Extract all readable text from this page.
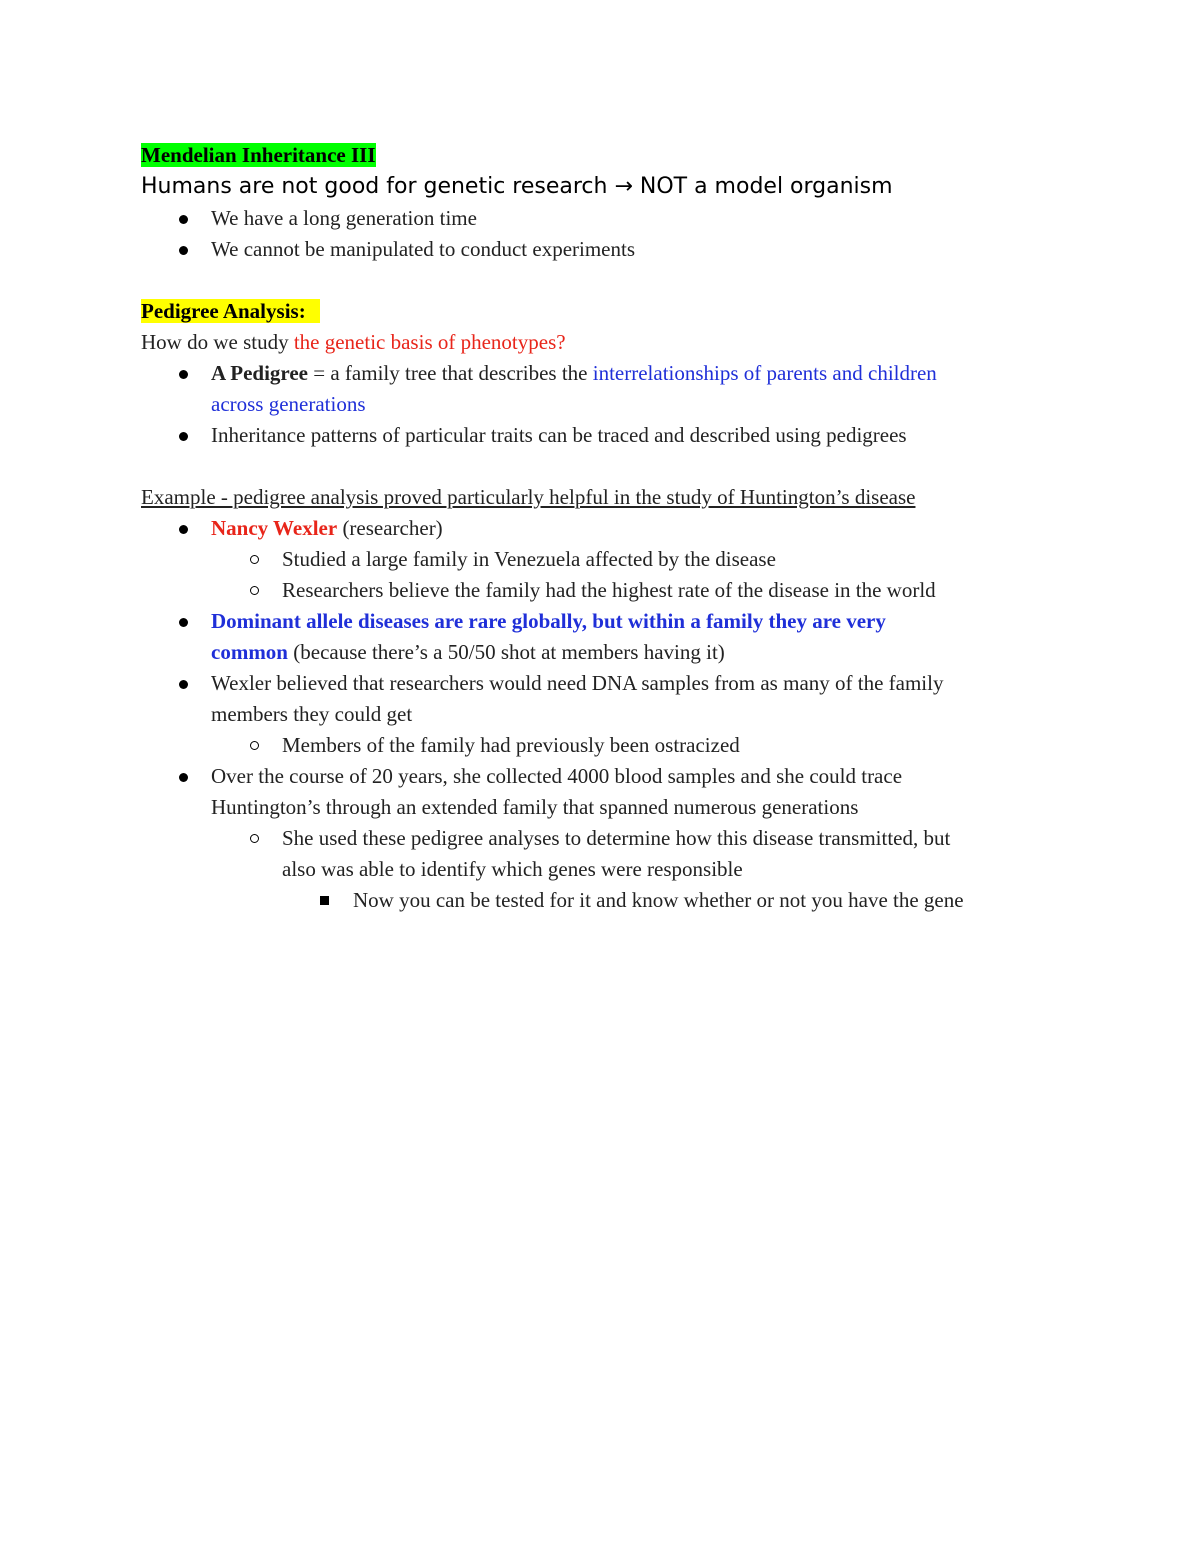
Mendelian Inheritance III
Humans are not good for genetic research → NOT a model organism
We have a long generation time
We cannot be manipulated to conduct experiments
Pedigree Analysis:
How do we study the genetic basis of phenotypes?
A Pedigree = a family tree that describes the interrelationships of parents and children
across generations
Inheritance patterns of particular traits can be traced and described using pedigrees
Example - pedigree analysis proved particularly helpful in the study of Huntington’s disease
Nancy Wexler (researcher)
Studied a large family in Venezuela affected by the disease
Researchers believe the family had the highest rate of the disease in the world
Dominant allele diseases are rare globally, but within a family they are very
common (because there’s a 50/50 shot at members having it)
Wexler believed that researchers would need DNA samples from as many of the family
members they could get
Members of the family had previously been ostracized
Over the course of 20 years, she collected 4000 blood samples and she could trace
Huntington’s through an extended family that spanned numerous generations
She used these pedigree analyses to determine how this disease transmitted, but
also was able to identify which genes were responsible
Now you can be tested for it and know whether or not you have the gene
